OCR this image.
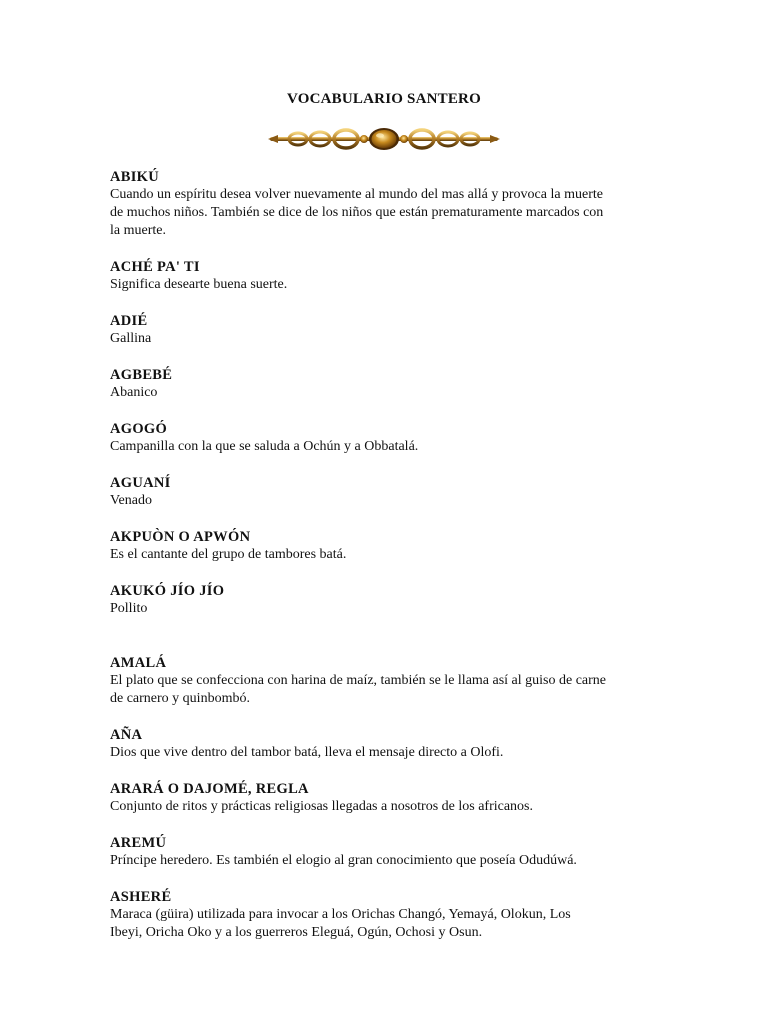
VOCABULARIO SANTERO
ABIKÚ
Cuando un espíritu desea volver nuevamente al mundo del mas allá y provoca la muerte
de muchos niños. También se dice de los niños que están prematuramente marcados con
la muerte.
ACHÉ PA' TI
Significa desearte buena suerte.
ADIÉ
Gallina
AGBEBÉ
Abanico
AGOGÓ
Campanilla con la que se saluda a Ochún y a Obbatalá.
AGUANÍ
Venado
AKPUÒN O APWÓN
Es el cantante del grupo de tambores batá.
AKUKÓ JÍO JÍO
Pollito
AMALÁ
El plato que se confecciona con harina de maíz, también se le llama así al guiso de carne
de carnero y quinbombó.
AÑA
Dios que vive dentro del tambor batá, lleva el mensaje directo a Olofi.
ARARÁ O DAJOMÉ, REGLA
Conjunto de ritos y prácticas religiosas llegadas a nosotros de los africanos.
AREMÚ
Príncipe heredero. Es también el elogio al gran conocimiento que poseía Odudúwá.
ASHERÉ
Maraca (güira) utilizada para invocar a los Orichas Changó, Yemayá, Olokun, Los
Ibeyi, Oricha Oko y a los guerreros Eleguá, Ogún, Ochosi y Osun.
